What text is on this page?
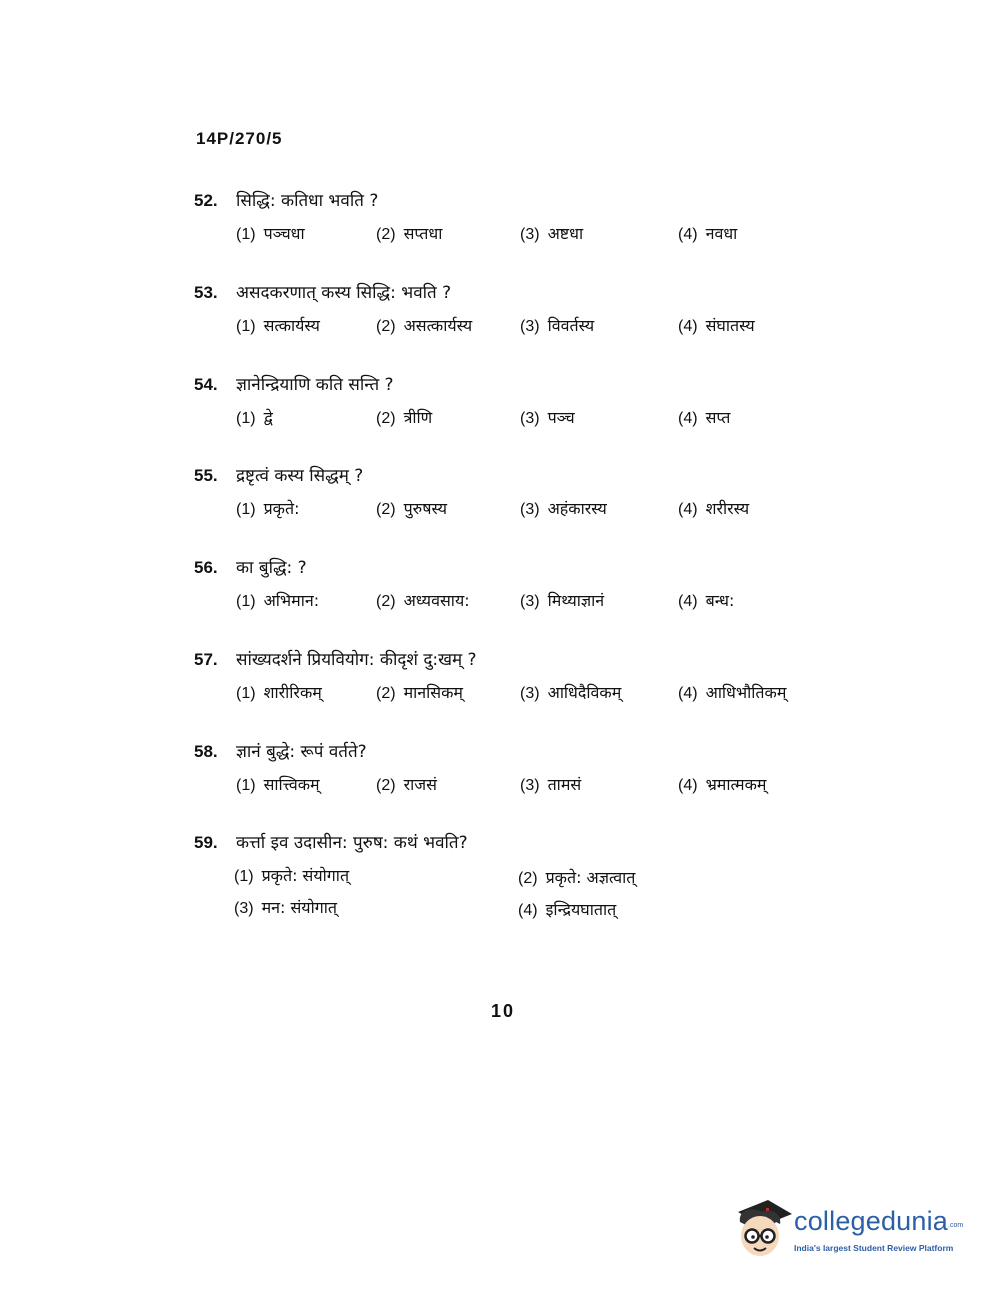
14P/270/5
52.	सिद्धि: कतिधा भवति ?
(1) पञ्चधा	(2) सप्तधा	(3) अष्टधा	(4) नवधा
53.	असदकरणात् कस्य सिद्धि: भवति ?
(1) सत्कार्यस्य	(2) असत्कार्यस्य	(3) विवर्तस्य	(4) संघातस्य
54.	ज्ञानेन्द्रियाणि कति सन्ति ?
(1) द्वे	(2) त्रीणि	(3) पञ्च	(4) सप्त
55.	द्रष्टृत्वं कस्य सिद्धम् ?
(1) प्रकृते:	(2) पुरुषस्य	(3) अहंकारस्य	(4) शरीरस्य
56.	का बुद्धि: ?
(1) अभिमान:	(2) अध्यवसाय:	(3) मिथ्याज्ञानं	(4) बन्ध:
57.	सांख्यदर्शने प्रियवियोग: कीदृशं दु:खम् ?
(1) शारीरिकम्	(2) मानसिकम्	(3) आधिदैविकम्	(4) आधिभौतिकम्
58.	ज्ञानं बुद्धे: रूपं वर्तते?
(1) सात्त्विकम्	(2) राजसं	(3) तामसं	(4) भ्रमात्मकम्
59.	कर्त्ता इव उदासीन: पुरुष: कथं भवति?
(1) प्रकृते: संयोगात्	(2) प्रकृते: अज्ञत्वात्
(3) मन: संयोगात्	(4) इन्द्रियघातात्
10
collegedunia .com
India's largest Student Review Platform
